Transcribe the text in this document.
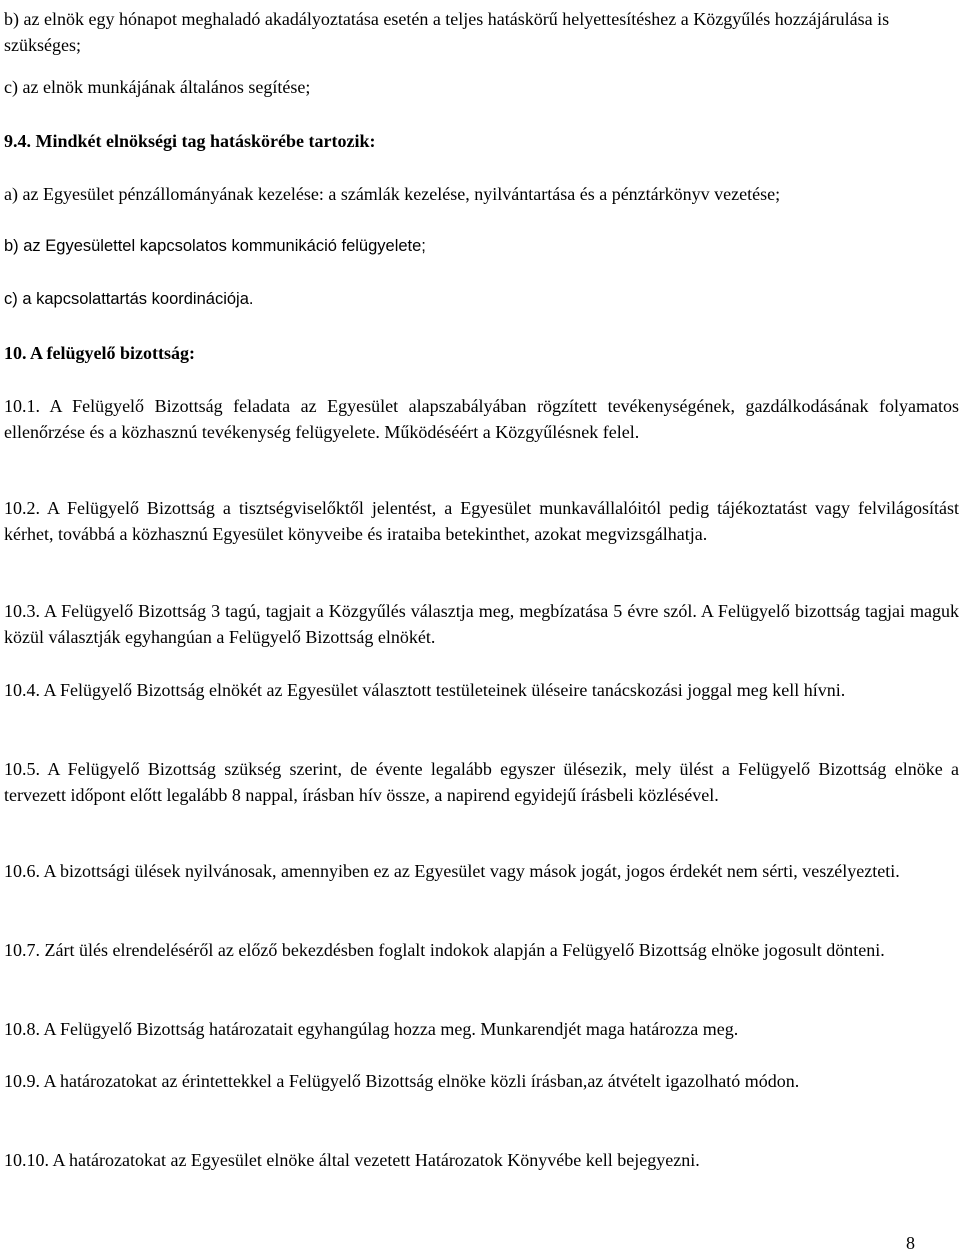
b) az elnök egy hónapot meghaladó akadályoztatása esetén a teljes hatáskörű helyettesítéshez a Közgyűlés hozzájárulása is szükséges;

c) az elnök munkájának általános segítése;

9.4. Mindkét elnökségi tag hatáskörébe tartozik:

a) az Egyesület pénzállományának kezelése: a számlák kezelése, nyilvántartása és a pénztárkönyv vezetése;

b) az Egyesülettel kapcsolatos kommunikáció felügyelete;

c) a kapcsolattartás koordinációja.

10. A felügyelő bizottság:

10.1. A Felügyelő Bizottság feladata az Egyesület alapszabályában rögzített tevékenységének, gazdálkodásának folyamatos ellenőrzése és a közhasznú tevékenység felügyelete. Működéséért a Közgyűlésnek felel.

10.2. A Felügyelő Bizottság a tisztségviselőktől jelentést, a Egyesület munkavállalóitól pedig tájékoztatást vagy felvilágosítást kérhet, továbbá a közhasznú Egyesület könyveibe és irataiba betekinthet, azokat megvizsgálhatja.

10.3. A Felügyelő Bizottság 3 tagú, tagjait a Közgyűlés választja meg, megbízatása 5 évre szól. A Felügyelő bizottság tagjai maguk közül választják egyhangúan a Felügyelő Bizottság elnökét.

10.4. A Felügyelő Bizottság elnökét az Egyesület választott testületeinek üléseire tanácskozási joggal meg kell hívni.

10.5. A Felügyelő Bizottság szükség szerint, de évente legalább egyszer ülésezik, mely ülést a Felügyelő Bizottság elnöke a tervezett időpont előtt legalább 8 nappal, írásban hív össze, a napirend egyidejű írásbeli közlésével.

10.6. A bizottsági ülések nyilvánosak, amennyiben ez az Egyesület vagy mások jogát, jogos érdekét nem sérti, veszélyezteti.

10.7. Zárt ülés elrendeléséről az előző bekezdésben foglalt indokok alapján a Felügyelő Bizottság elnöke jogosult dönteni.

10.8. A Felügyelő Bizottság határozatait egyhangúlag hozza meg. Munkarendjét maga határozza meg.

10.9. A határozatokat az érintettekkel a Felügyelő Bizottság elnöke közli írásban,az átvételt igazolható módon.

10.10. A határozatokat az Egyesület elnöke által vezetett Határozatok Könyvébe kell bejegyezni.

8
